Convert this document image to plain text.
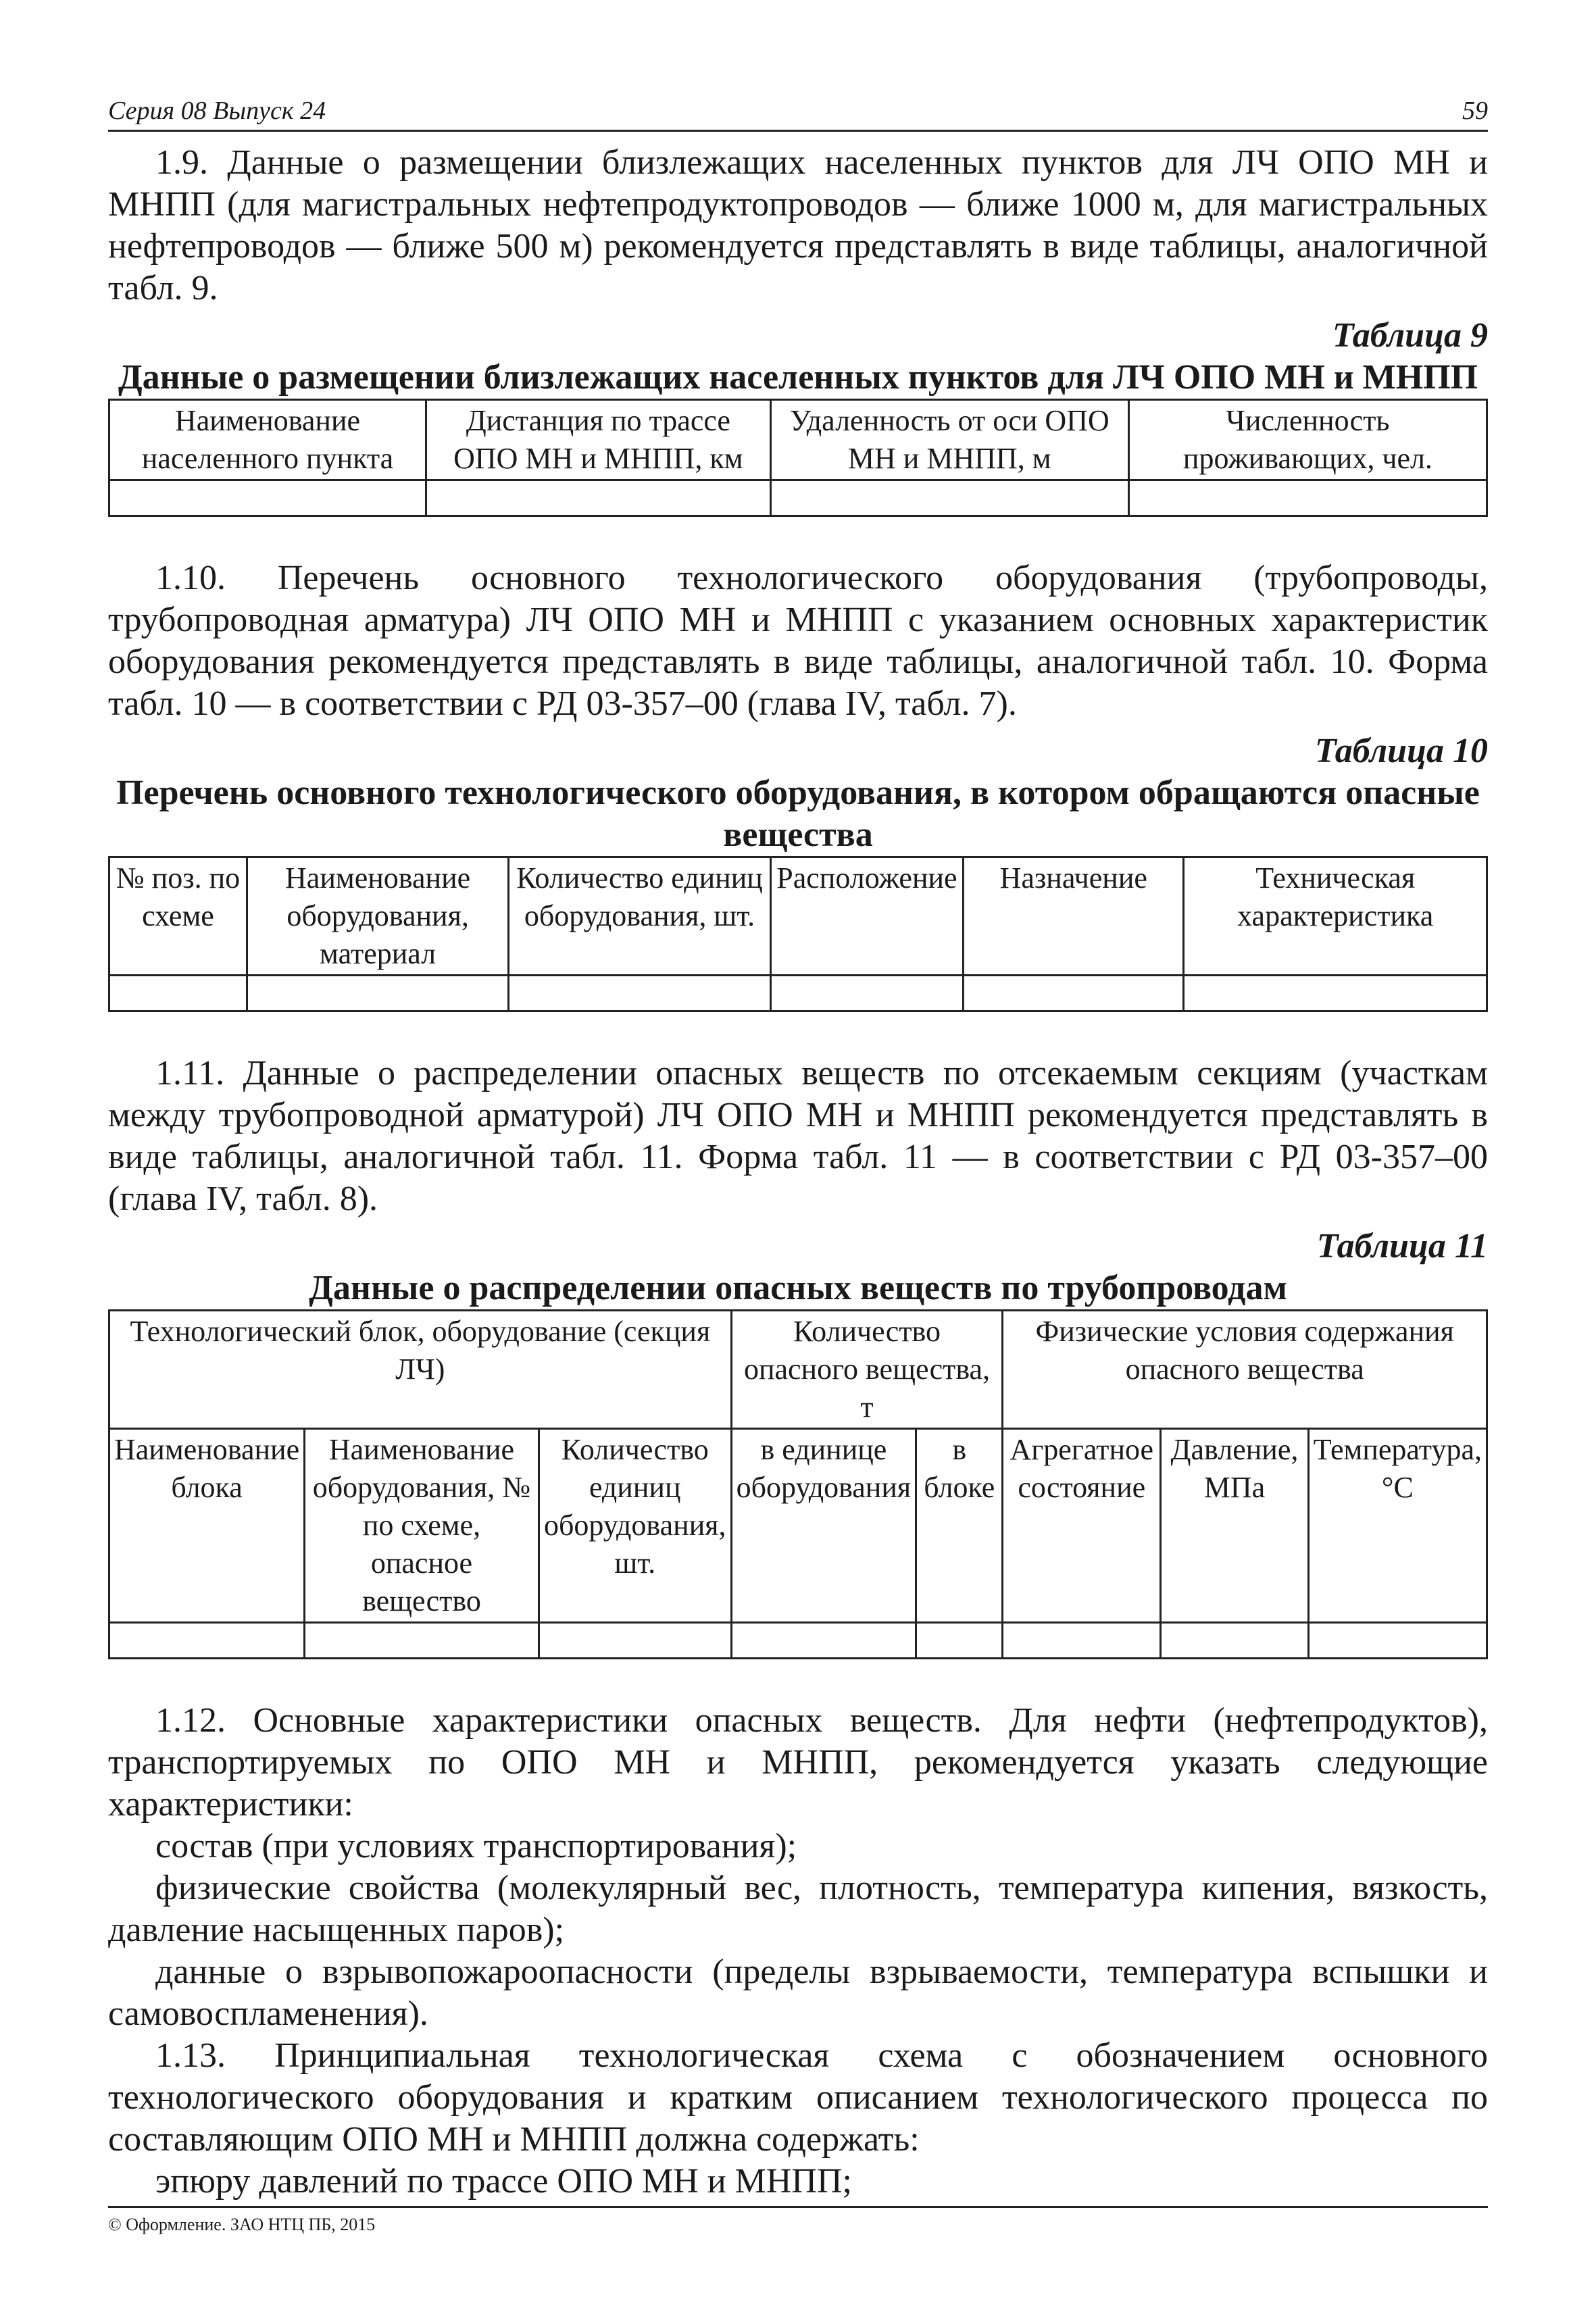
Серия 08 Выпуск 24	59

1.9. Данные о размещении близлежащих населенных пунктов для ЛЧ ОПО МН и МНПП (для магистральных нефтепродуктопроводов — ближе 1000 м, для магистральных нефтепроводов — ближе 500 м) рекомендуется представлять в виде таблицы, аналогичной табл. 9.

Таблица 9
Данные о размещении близлежащих населенных пунктов для ЛЧ ОПО МН и МНПП
Наименование населенного пункта	Дистанция по трассе ОПО МН и МНПП, км	Удаленность от оси ОПО МН и МНПП, м	Численность проживающих, чел.

1.10. Перечень основного технологического оборудования (трубопроводы, трубопроводная арматура) ЛЧ ОПО МН и МНПП с указанием основных характеристик оборудования рекомендуется представлять в виде таблицы, аналогичной табл. 10. Форма табл. 10 — в соответствии с РД 03-357–00 (глава IV, табл. 7).

Таблица 10
Перечень основного технологического оборудования, в котором обращаются опасные вещества
№ поз. по схеме	Наименование оборудования, материал	Количество единиц оборудования, шт.	Расположение	Назначение	Техническая характеристика

1.11. Данные о распределении опасных веществ по отсекаемым секциям (участкам между трубопроводной арматурой) ЛЧ ОПО МН и МНПП рекомендуется представлять в виде таблицы, аналогичной табл. 11. Форма табл. 11 — в соответствии с РД 03-357–00 (глава IV, табл. 8).

Таблица 11
Данные о распределении опасных веществ по трубопроводам
Технологический блок, оборудование (секция ЛЧ)			Количество опасного вещества, т		Физические условия содержания опасного вещества		
Наименование блока	Наименование оборудования, № по схеме, опасное вещество	Количество единиц оборудования, шт.	в единице оборудования	в блоке	Агрегатное состояние	Давление, МПа	Температура, °С

1.12. Основные характеристики опасных веществ. Для нефти (нефтепродуктов), транспортируемых по ОПО МН и МНПП, рекомендуется указать следующие характеристики:

состав (при условиях транспортирования);

физические свойства (молекулярный вес, плотность, температура кипения, вязкость, давление насыщенных паров);

данные о взрывопожароопасности (пределы взрываемости, температура вспышки и самовоспламенения).

1.13. Принципиальная технологическая схема с обозначением основного технологического оборудования и кратким описанием технологического процесса по составляющим ОПО МН и МНПП должна содержать:

эпюру давлений по трассе ОПО МН и МНПП;

© Оформление. ЗАО НТЦ ПБ, 2015
